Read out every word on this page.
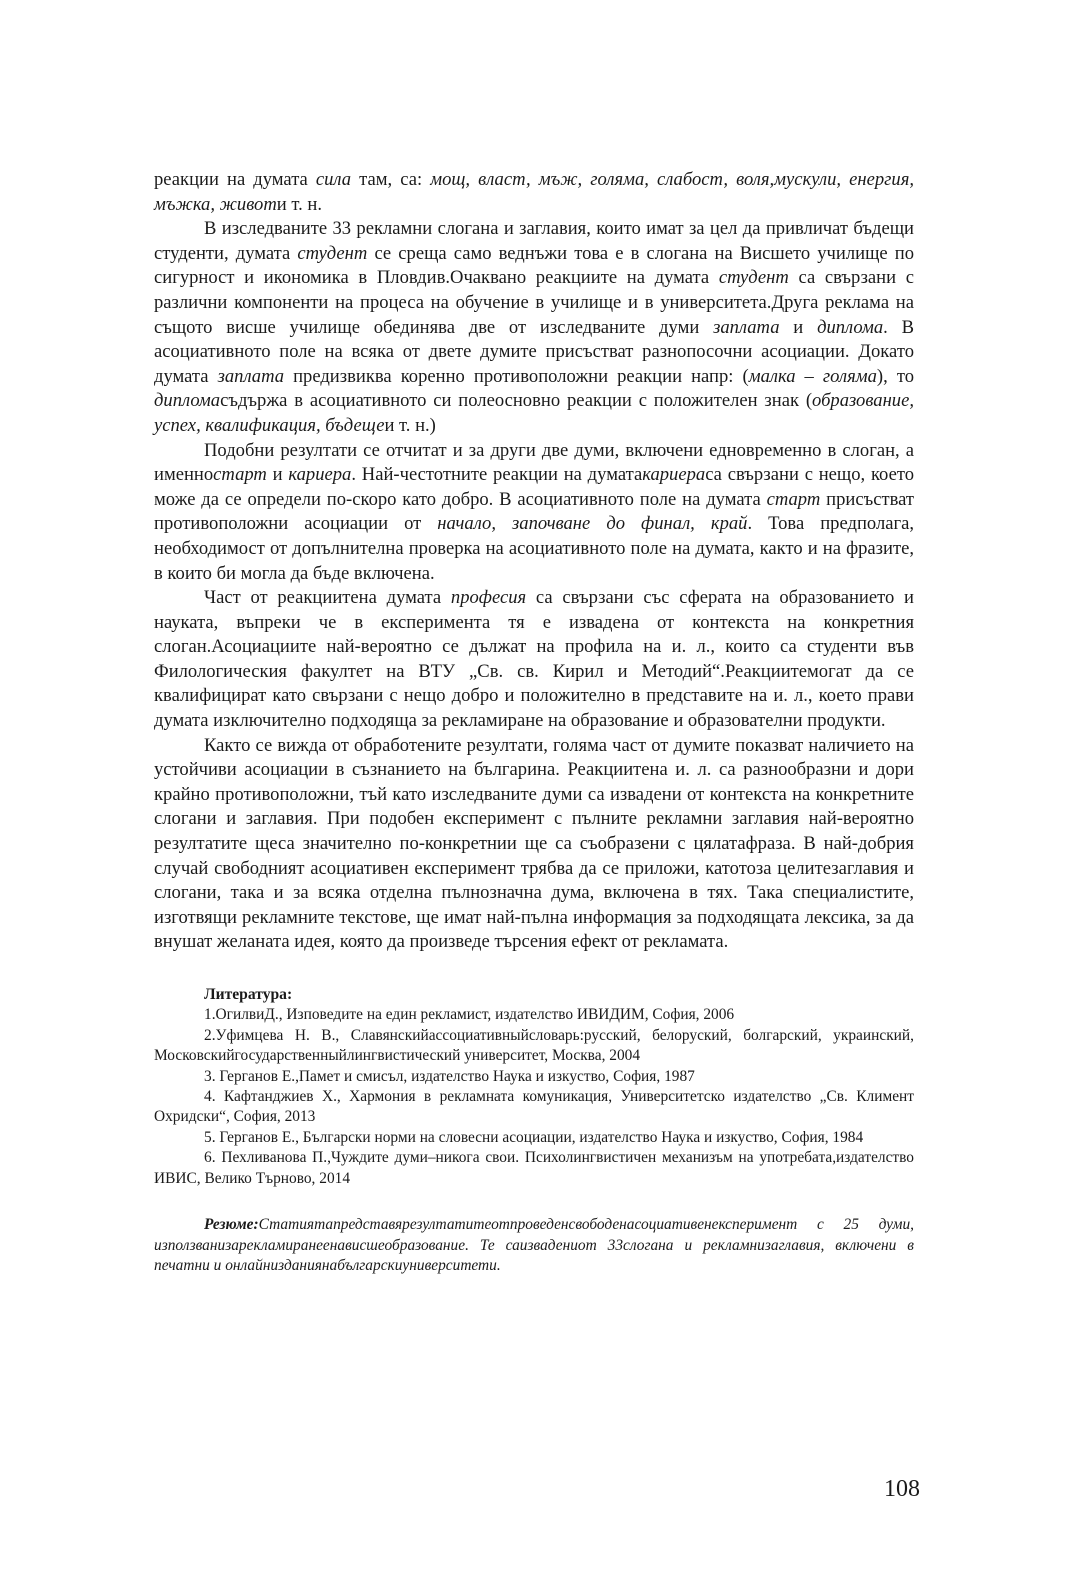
реакции на думата сила там, са: мощ, власт, мъж, голяма, слабост, воля,мускули, енергия, мъжка, животи т. н.

В изследваните 33 рекламни слогана и заглавия, които имат за цел да привличат бъдещи студенти, думата студент се среща само веднъжи това е в слогана на Висшето училище по сигурност и икономика в Пловдив.Очаквано реакциите на думата студент са свързани с различни компоненти на процеса на обучение в училище и в университета.Друга реклама на същото висше училище обединява две от изследваните думи заплата и диплома. В асоциативното поле на всяка от двете думите присъстват разнопосочни асоциации. Докато думата заплата предизвиква коренно противоположни реакции напр: (малка – голяма), то дипломасъдържа в асоциативното си полеосновно реакции с положителен знак (образование, успех, квалификация, бъдещеи т. н.)

Подобни резултати се отчитат и за други две думи, включени едновременно в слоган, а именностарт и кариера. Най-честотните реакции на думатакариераса свързани с нещо, което може да се определи по-скоро като добро. В асоциативното поле на думата старт присъстват противоположни асоциации от начало, започване до финал, край. Това предполага, необходимост от допълнителна проверка на асоциативното поле на думата, както и на фразите, в които би могла да бъде включена.

Част от реакциитена думата професия са свързани със сферата на образованието и науката, въпреки че в експеримента тя е извадена от контекста на конкретния слоган.Асоциациите най-вероятно се дължат на профила на и. л., които са студенти във Филологическия факултет на ВТУ „Св. св. Кирил и Методий“.Реакциитемогат да се квалифицират като свързани с нещо добро и положително в представите на и. л., което прави думата изключително подходяща за рекламиране на образование и образователни продукти.

Както се вижда от обработените резултати, голяма част от думите показват наличието на устойчиви асоциации в съзнанието на българина. Реакциитена и. л. са разнообразни и дори крайно противоположни, тъй като изследваните думи са извадени от контекста на конкретните слогани и заглавия. При подобен експеримент с пълните рекламни заглавия най-вероятно резултатите щеса значително по-конкретнии ще са съобразени с цялатафраза. В най-добрия случай свободният асоциативен експеримент трябва да се приложи, катотоза целитезаглавия и слогани, така и за всяка отделна пълнозначна дума, включена в тях. Така специалистите, изготвящи рекламните текстове, ще имат най-пълна информация за подходящата лексика, за да внушат желаната идея, която да произведе търсения ефект от рекламата.

Литература:
1.ОгилвиД., Изповедите на един рекламист, издателство ИВИДИМ, София, 2006
2.Уфимцева Н. В., Славянскийассоциативныйсловарь:русский, белоруский, болгарский, украинский, Московскийгосударственныйлингвистический университет, Москва, 2004
3. Герганов Е.,Памет и смисъл, издателство Наука и изкуство, София, 1987
4. Кафтанджиев Х., Хармония в рекламната комуникация, Университетско издателство „Св. Климент Охридски“, София, 2013
5. Герганов Е., Български норми на словесни асоциации, издателство Наука и изкуство, София, 1984
6. Пехливанова П.,Чуждите думи–никога свои. Психолингвистичен механизъм на употребата,издателство ИВИС, Велико Търново, 2014
Резюме:Статиятапредставярезултатитеотпроведенсвободенасоциативенексперимент с 25 думи, използванизарекламиранеенависшеобразование. Те саизвадениот 33слогана и рекламнизаглавия, включени в печатни и онлайнизданиянабългарскиуниверситети.
108
